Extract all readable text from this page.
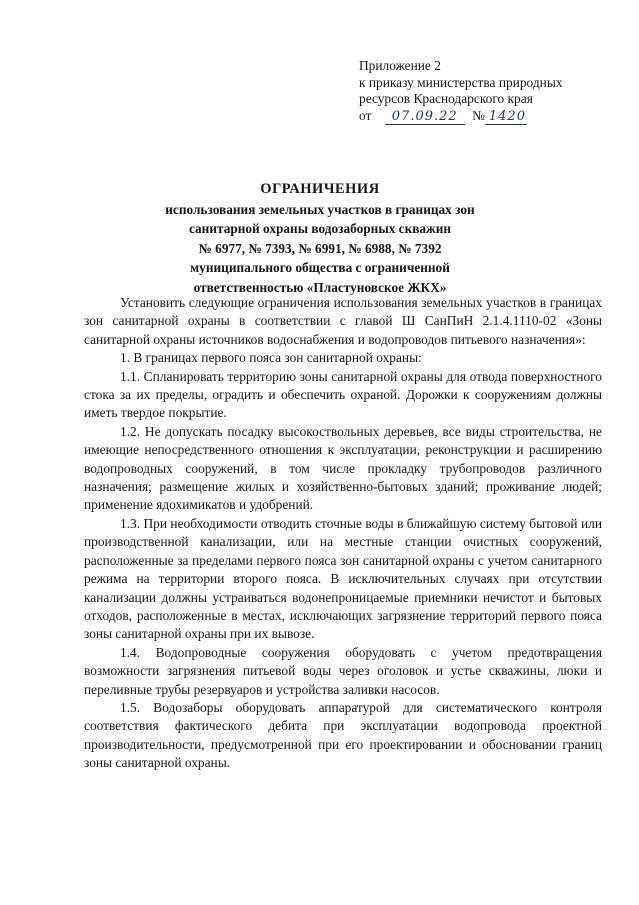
Приложение 2
к приказу министерства природных
ресурсов Краснодарского края
от 07.09.22 № 1420
ОГРАНИЧЕНИЯ
использования земельных участков в границах зон
санитарной охраны водозаборных скважин
№ 6977, № 7393, № 6991, № 6988, № 7392
муниципального общества с ограниченной
ответственностью «Пластуновское ЖКХ»

Установить следующие ограничения использования земельных участков в границах зон санитарной охраны в соответствии с главой Ш СанПиН 2.1.4.1110-02 «Зоны санитарной охраны источников водоснабжения и водопроводов питьевого назначения»:

1. В границах первого пояса зон санитарной охраны:

1.1. Спланировать территорию зоны санитарной охраны для отвода поверхностного стока за их пределы, оградить и обеспечить охраной. Дорожки к сооружениям должны иметь твердое покрытие.

1.2. Не допускать посадку высокоствольных деревьев, все виды строительства, не имеющие непосредственного отношения к эксплуатации, реконструкции и расширению водопроводных сооружений, в том числе прокладку трубопроводов различного назначения; размещение жилых и хозяйственно-бытовых зданий; проживание людей; применение ядохимикатов и удобрений.

1.3. При необходимости отводить сточные воды в ближайшую систему бытовой или производственной канализации, или на местные станции очистных сооружений, расположенные за пределами первого пояса зон санитарной охраны с учетом санитарного режима на территории второго пояса. В исключительных случаях при отсутствии канализации должны устраиваться водонепроницаемые приемники нечистот и бытовых отходов, расположенные в местах, исключающих загрязнение территорий первого пояса зоны санитарной охраны при их вывозе.

1.4. Водопроводные сооружения оборудовать с учетом предотвращения возможности загрязнения питьевой воды через оголовок и устье скважины, люки и переливные трубы резервуаров и устройства заливки насосов.

1.5. Водозаборы оборудовать аппаратурой для систематического контроля соответствия фактического дебита при эксплуатации водопровода проектной производительности, предусмотренной при его проектировании и обосновании границ зоны санитарной охраны.
